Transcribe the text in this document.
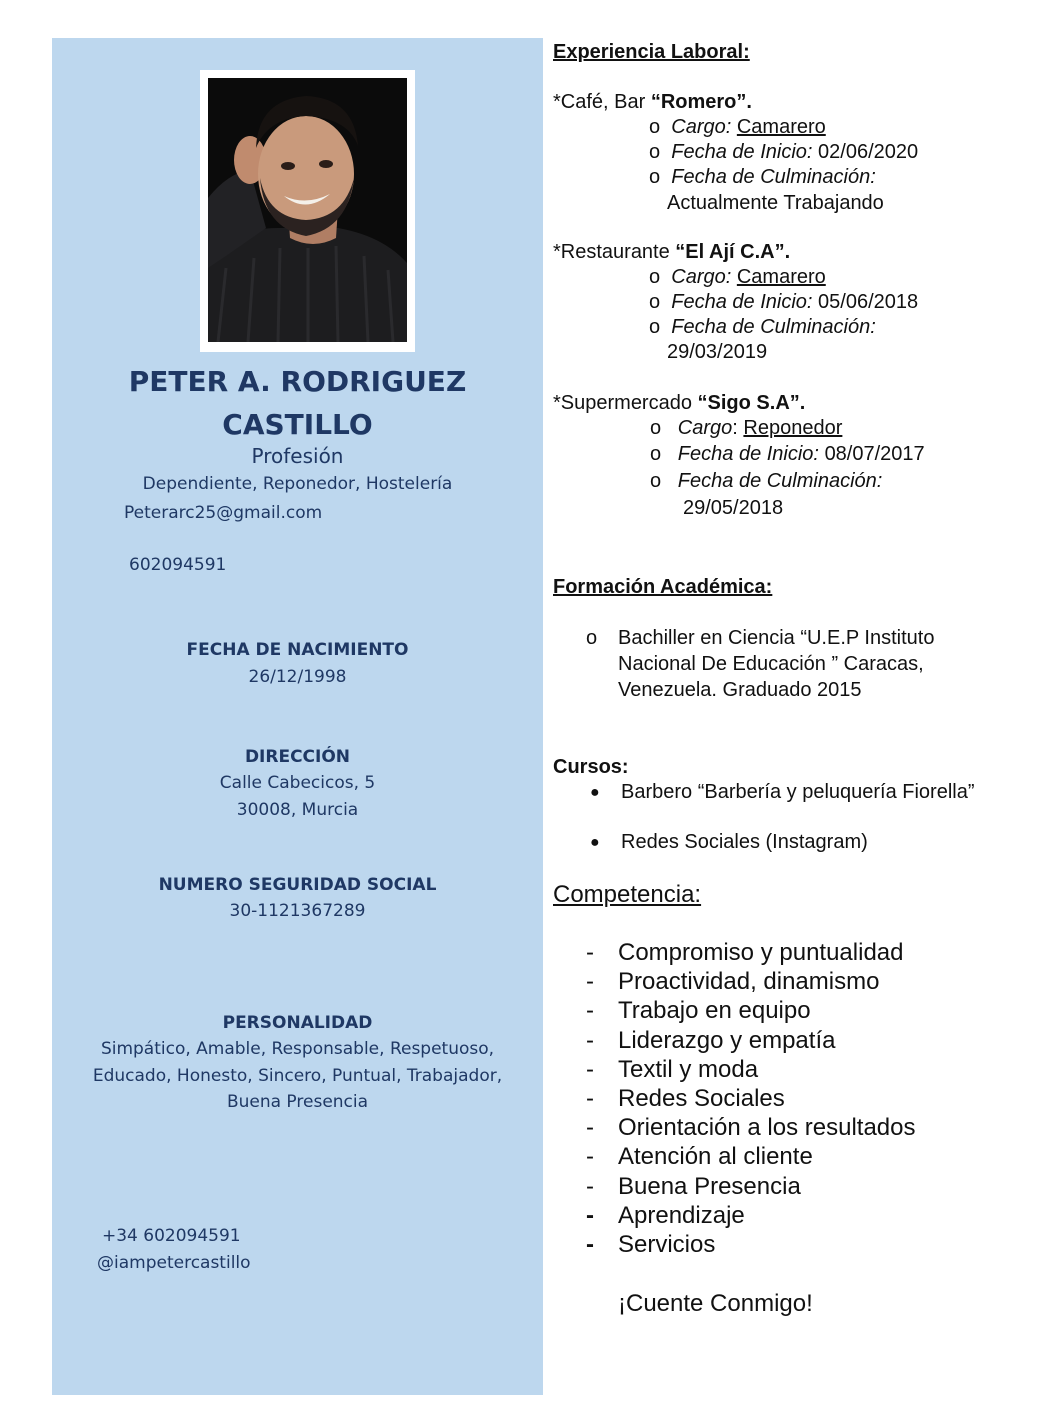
PETER A. RODRIGUEZ
CASTILLO
Profesión
Dependiente, Reponedor, Hostelería
Peterarc25@gmail.com
602094591
FECHA DE NACIMIENTO
26/12/1998
DIRECCIÓN
Calle Cabecicos, 5
30008, Murcia
NUMERO SEGURIDAD SOCIAL
30-1121367289
PERSONALIDAD
Simpático, Amable, Responsable, Respetuoso,
Educado, Honesto, Sincero, Puntual, Trabajador,
Buena Presencia
+34 602094591
@iampetercastillo
Experiencia Laboral:
*Café, Bar “Romero”.
o Cargo: Camarero
o Fecha de Inicio: 02/06/2020
o Fecha de Culminación:
Actualmente Trabajando
*Restaurante “El Ají C.A”.
o Cargo: Camarero
o Fecha de Inicio: 05/06/2018
o Fecha de Culminación:
29/03/2019
*Supermercado “Sigo S.A”.
o Cargo: Reponedor
o Fecha de Inicio: 08/07/2017
o Fecha de Culminación:
29/05/2018
Formación Académica:
o Bachiller en Ciencia “U.E.P Instituto
Nacional De Educación ” Caracas,
Venezuela. Graduado 2015
Cursos:
● Barbero “Barbería y peluquería Fiorella”
● Redes Sociales (Instagram)
Competencia:
- Compromiso y puntualidad
- Proactividad, dinamismo
- Trabajo en equipo
- Liderazgo y empatía
- Textil y moda
- Redes Sociales
- Orientación a los resultados
- Atención al cliente
- Buena Presencia
- Aprendizaje
- Servicios
¡Cuente Conmigo!
